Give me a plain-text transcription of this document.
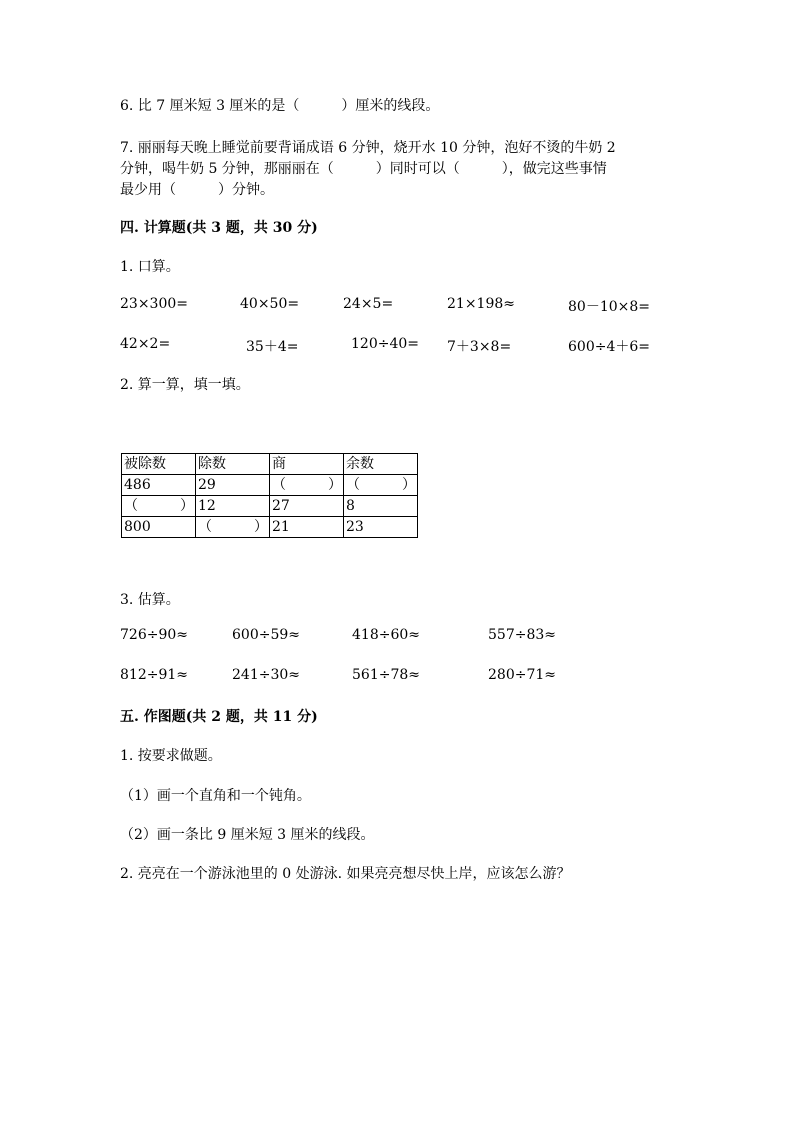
6. 比 7 厘米短 3 厘米的是（　　　）厘米的线段。
7. 丽丽每天晚上睡觉前要背诵成语 6 分钟，烧开水 10 分钟，泡好不烫的牛奶 2
分钟，喝牛奶 5 分钟，那丽丽在（　　　）同时可以（　　　），做完这些事情
最少用（　　　）分钟。
四. 计算题(共 3 题，共 30 分)
1. 口算。
23×300=	40×50=	24×5=	21×198≈	80－10×8=
42×2=	35＋4=	120÷40= 7＋3×8=	600÷4＋6=
2. 算一算，填一填。
被除数	除数	商	余数
486	29	（　　　）	（　　　）
（　　　）	12	27	8
800	（　　　）	21	23
3. 估算。
726÷90≈	600÷59≈	418÷60≈	557÷83≈
812÷91≈	241÷30≈	561÷78≈	280÷71≈
五. 作图题(共 2 题，共 11 分)
1. 按要求做题。
（1）画一个直角和一个钝角。
（2）画一条比 9 厘米短 3 厘米的线段。
2. 亮亮在一个游泳池里的 0 处游泳. 如果亮亮想尽快上岸，应该怎么游？
